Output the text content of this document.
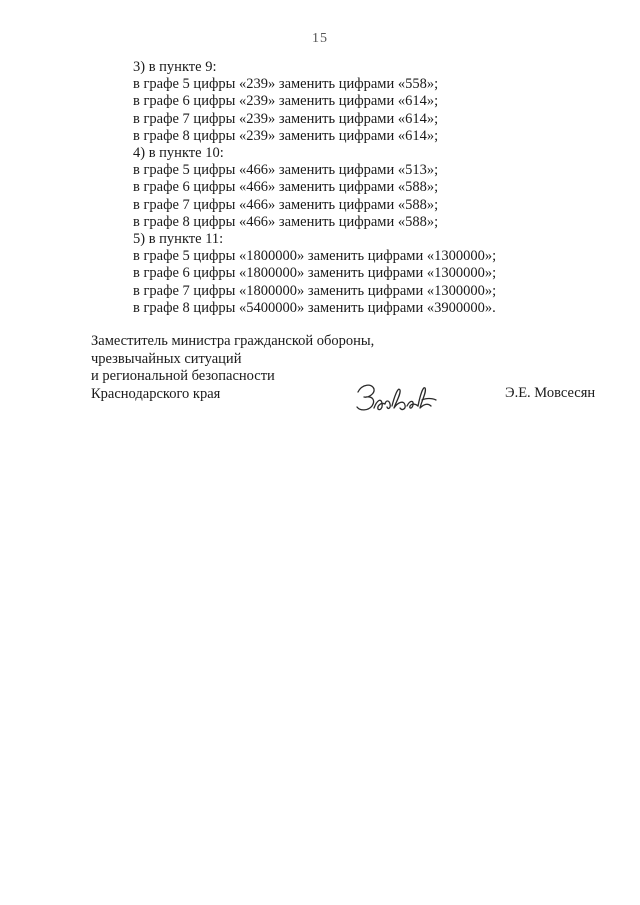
15
3) в пункте 9:
в графе 5 цифры «239» заменить цифрами «558»;
в графе 6 цифры «239» заменить цифрами «614»;
в графе 7 цифры «239» заменить цифрами «614»;
в графе 8 цифры «239» заменить цифрами «614»;
4) в пункте 10:
в графе 5 цифры «466» заменить цифрами «513»;
в графе 6 цифры «466» заменить цифрами «588»;
в графе 7 цифры «466» заменить цифрами «588»;
в графе 8 цифры «466» заменить цифрами «588»;
5) в пункте 11:
в графе 5 цифры «1800000» заменить цифрами «1300000»;
в графе 6 цифры «1800000» заменить цифрами «1300000»;
в графе 7 цифры «1800000» заменить цифрами «1300000»;
в графе 8 цифры «5400000» заменить цифрами «3900000».
Заместитель министра гражданской обороны,
чрезвычайных ситуаций
и региональной безопасности
Краснодарского края	Э.Е. Мовсесян
